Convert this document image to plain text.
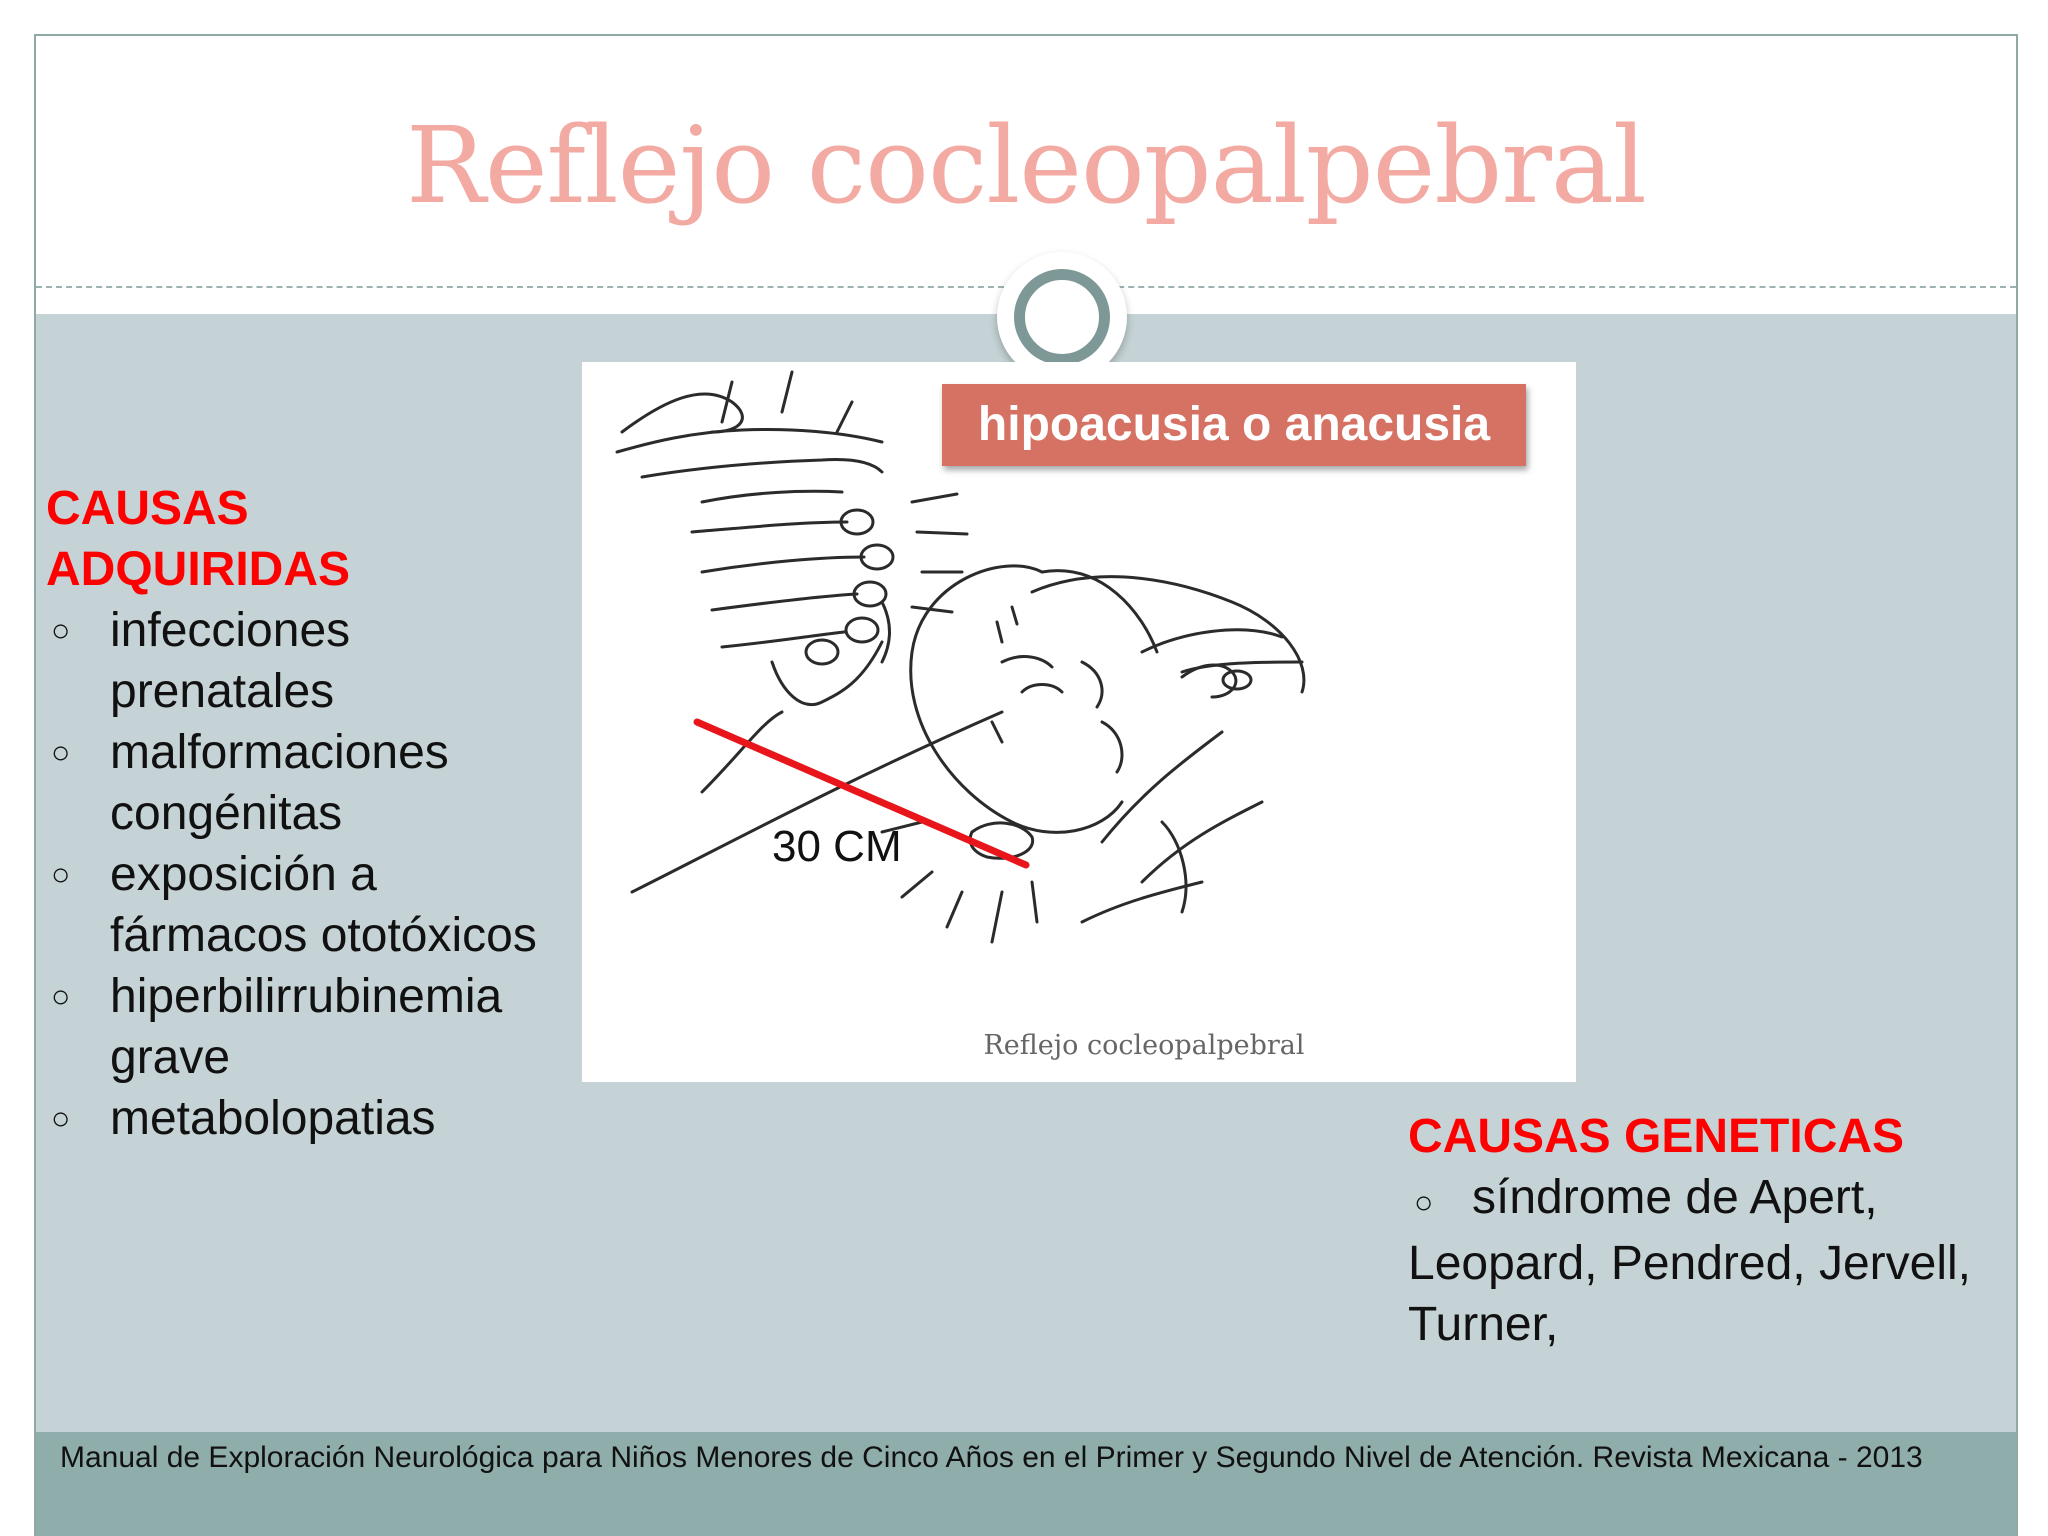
Reflejo cocleopalpebral
CAUSAS
ADQUIRIDAS
○ infecciones
prenatales
○ malformaciones
congénitas
○ exposición a
fármacos ototóxicos
○ hiperbilirrubinemia
grave
○ metabolopatias
hipoacusia o anacusia
30 CM
Reflejo cocleopalpebral
CAUSAS GENETICAS
○ síndrome de Apert,
Leopard, Pendred, Jervell,
Turner,
Manual de Exploración Neurológica para Niños Menores de Cinco Años en el Primer y Segundo Nivel de Atención. Revista Mexicana - 2013
